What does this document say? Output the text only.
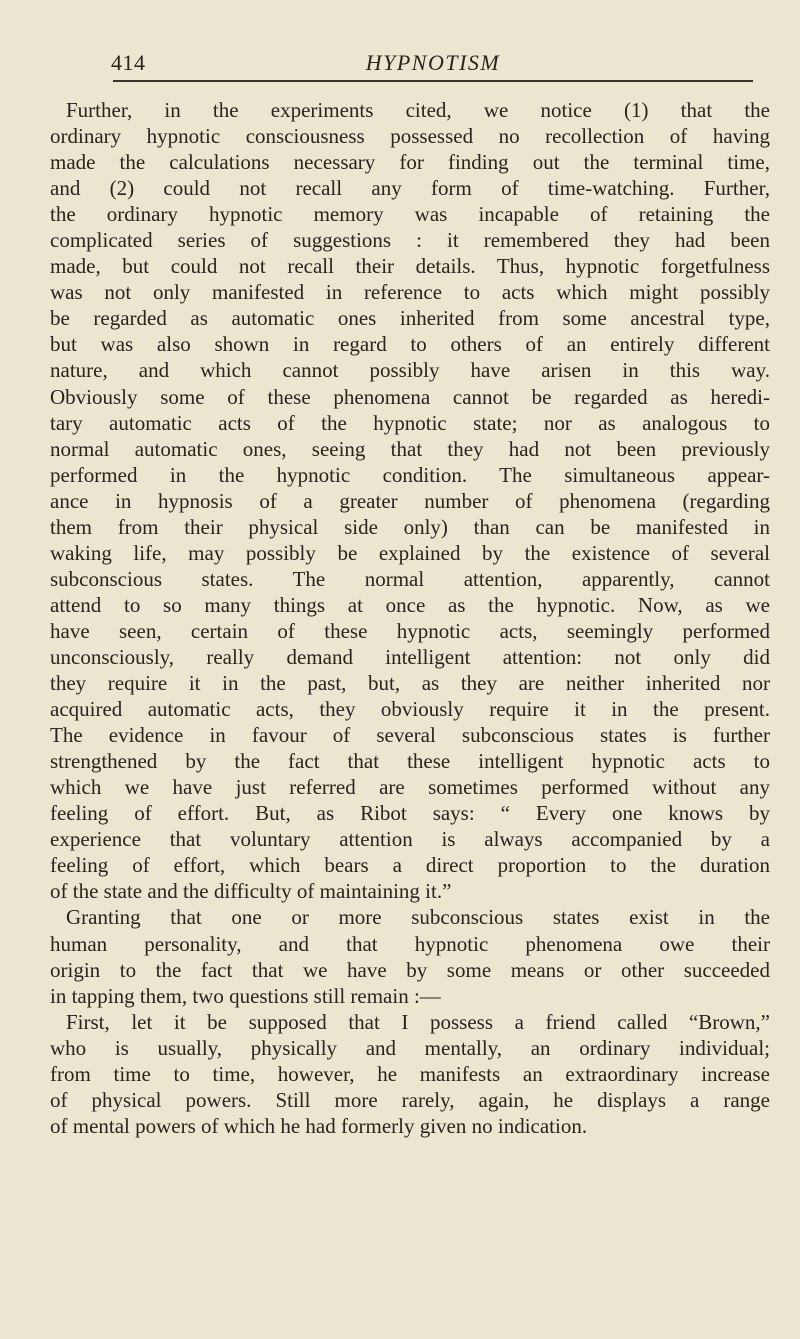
414	HYPNOTISM
Further, in the experiments cited, we notice (1) that the
ordinary hypnotic consciousness possessed no recollection of having
made the calculations necessary for finding out the terminal time,
and (2) could not recall any form of time-watching. Further,
the ordinary hypnotic memory was incapable of retaining the
complicated series of suggestions : it remembered they had been
made, but could not recall their details. Thus, hypnotic forgetfulness
was not only manifested in reference to acts which might possibly
be regarded as automatic ones inherited from some ancestral type,
but was also shown in regard to others of an entirely different
nature, and which cannot possibly have arisen in this way.
Obviously some of these phenomena cannot be regarded as heredi-
tary automatic acts of the hypnotic state; nor as analogous to
normal automatic ones, seeing that they had not been previously
performed in the hypnotic condition. The simultaneous appear-
ance in hypnosis of a greater number of phenomena (regarding
them from their physical side only) than can be manifested in
waking life, may possibly be explained by the existence of several
subconscious states. The normal attention, apparently, cannot
attend to so many things at once as the hypnotic. Now, as we
have seen, certain of these hypnotic acts, seemingly performed
unconsciously, really demand intelligent attention: not only did
they require it in the past, but, as they are neither inherited nor
acquired automatic acts, they obviously require it in the present.
The evidence in favour of several subconscious states is further
strengthened by the fact that these intelligent hypnotic acts to
which we have just referred are sometimes performed without any
feeling of effort. But, as Ribot says: “ Every one knows by
experience that voluntary attention is always accompanied by a
feeling of effort, which bears a direct proportion to the duration
of the state and the difficulty of maintaining it.”
Granting that one or more subconscious states exist in the
human personality, and that hypnotic phenomena owe their
origin to the fact that we have by some means or other succeeded
in tapping them, two questions still remain :—
First, let it be supposed that I possess a friend called “Brown,”
who is usually, physically and mentally, an ordinary individual;
from time to time, however, he manifests an extraordinary increase
of physical powers. Still more rarely, again, he displays a range
of mental powers of which he had formerly given no indication.
